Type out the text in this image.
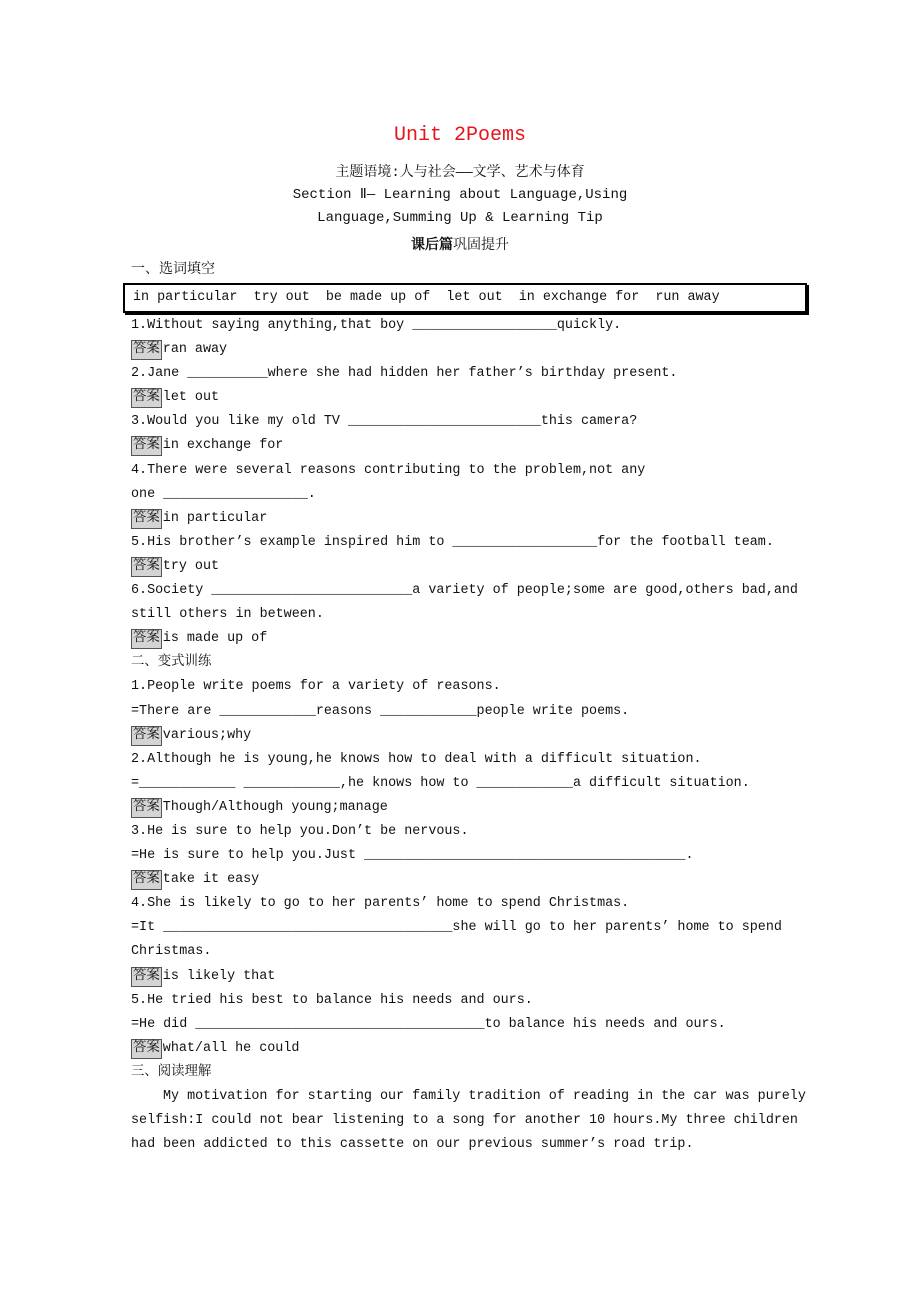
Unit 2Poems
主题语境:人与社会——文学、艺术与体育
Section Ⅱ— Learning about Language,Using
Language,Summing Up & Learning Tip
课后篇巩固提升
一、选词填空
in particular  try out  be made up of  let out  in exchange for  run away
1.Without saying anything,that boy __________________quickly.
答案 ran away
2.Jane __________where she had hidden her father’s birthday present.
答案 let out
3.Would you like my old TV ________________________this camera?
答案 in exchange for
4.There were several reasons contributing to the problem,not any
one __________________.
答案 in particular
5.His brother’s example inspired him to __________________for the football team.
答案 try out
6.Society _________________________a variety of people;some are good,others bad,and
still others in between.
答案 is made up of
二、变式训练
1.People write poems for a variety of reasons.
=There are ____________reasons ____________people write poems.
答案 various;why
2.Although he is young,he knows how to deal with a difficult situation.
=____________ ____________,he knows how to ____________a difficult situation.
答案 Though/Although young;manage
3.He is sure to help you.Don’t be nervous.
=He is sure to help you.Just ________________________________________.
答案 take it easy
4.She is likely to go to her parents’ home to spend Christmas.
=It ____________________________________she will go to her parents’ home to spend
Christmas.
答案 is likely that
5.He tried his best to balance his needs and ours.
=He did ____________________________________to balance his needs and ours.
答案 what/all he could
三、阅读理解
My motivation for starting our family tradition of reading in the car was purely
selfish:I could not bear listening to a song for another 10 hours.My three children
had been addicted to this cassette on our previous summer’s road trip.
